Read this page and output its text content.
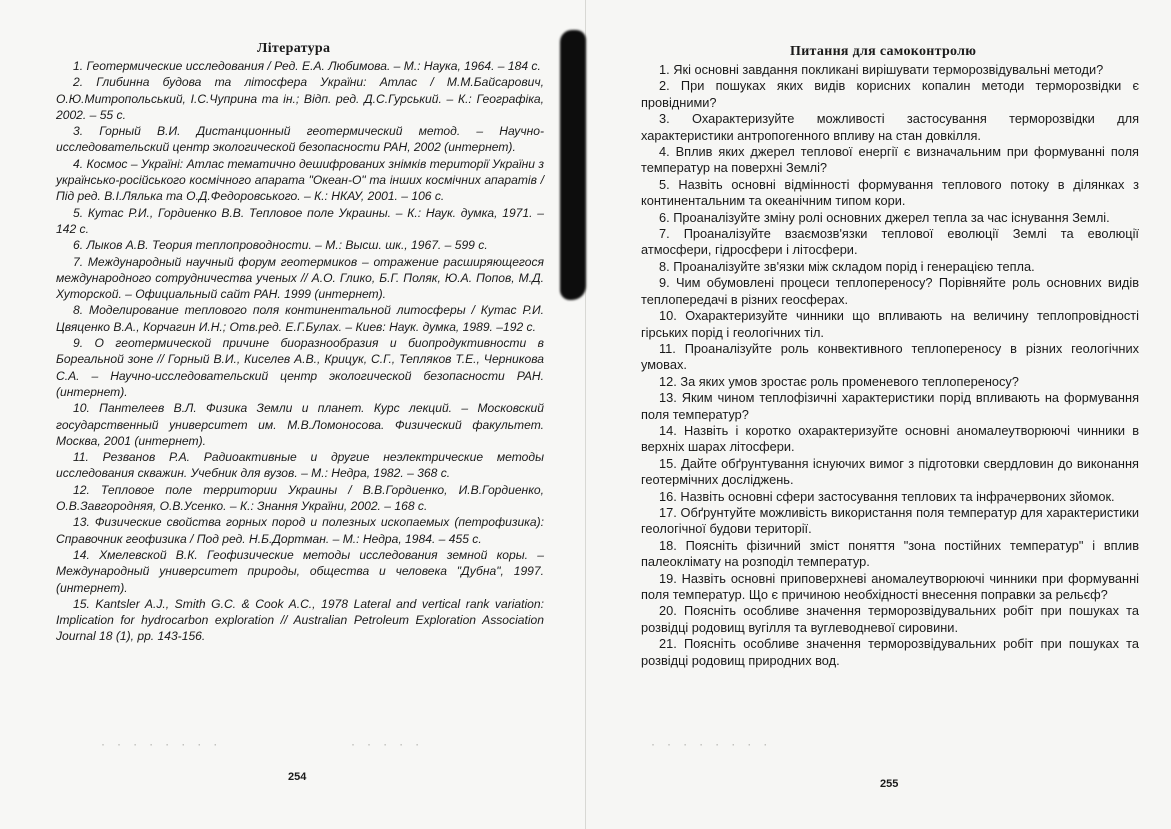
Література

1. Геотермические исследования / Ред. Е.А. Любимова. – М.: Наука, 1964. – 184 с.

2. Глибинна будова та літосфера України: Атлас / М.М.Байсарович, О.Ю.Митропольський, І.С.Чуприна та ін.; Відп. ред. Д.С.Гурський. – К.: Географіка, 2002. – 55 с.

3. Горный В.И. Дистанционный геотермический метод. – Научно-исследовательский центр экологической безопасности РАН, 2002 (интернет).

4. Космос – Україні: Атлас тематично дешифрованих знімків території України з українсько-російського космічного апарата "Океан-О" та інших космічних апаратів / Під ред. В.І.Лялька та О.Д.Федоровського. – К.: НКАУ, 2001. – 106 с.

5. Кутас Р.И., Гордиенко В.В. Тепловое поле Украины. – К.: Наук. думка, 1971. – 142 с.

6. Лыков А.В. Теория теплопроводности. – М.: Высш. шк., 1967. – 599 с.

7. Международный научный форум геотермиков – отражение расширяющегося международного сотрудничества ученых // А.О. Глико, Б.Г. Поляк, Ю.А. Попов, М.Д. Хуторской. – Официальный сайт РАН. 1999 (интернет).

8. Моделирование теплового поля континентальной литосферы / Кутас Р.И. Цвяценко В.А., Корчагин И.Н.; Отв.ред. Е.Г.Булах. – Киев: Наук. думка, 1989. –192 с.

9. О геотермической причине биоразнообразия и биопродуктивности в Бореальной зоне // Горный В.И., Киселев А.В., Крицук, С.Г., Тепляков Т.Е., Черникова С.А. – Научно-исследовательский центр экологической безопасности РАН. (интернет).

10. Пантелеев В.Л. Физика Земли и планет. Курс лекций. – Московский государственный университет им. М.В.Ломоносова. Физический факультет. Москва, 2001 (интернет).

11. Резванов Р.А. Радиоактивные и другие неэлектрические методы исследования скважин. Учебник для вузов. – М.: Недра, 1982. – 368 с.

12. Тепловое поле территории Украины / В.В.Гордиенко, И.В.Гордиенко, О.В.Завгородняя, О.В.Усенко. – К.: Знання України, 2002. – 168 с.

13. Физические свойства горных пород и полезных ископаемых (петрофизика): Справочник геофизика / Под ред. Н.Б.Дортман. – М.: Недра, 1984. – 455 с.

14. Хмелевской В.К. Геофизические методы исследования земной коры. – Международный университет природы, общества и человека "Дубна", 1997. (интернет).

15. Kantsler A.J., Smith G.C. & Cook A.C., 1978 Lateral and vertical rank variation: Implication for hydrocarbon exploration // Australian Petroleum Exploration Association Journal 18 (1), pp. 143-156.

· · · · · · · ·	· · · · ·
254
Питання для самоконтролю

1. Які основні завдання покликані вирішувати терморозвідувальні методи?

2. При пошуках яких видів корисних копалин методи терморозвідки є провідними?

3. Охарактеризуйте можливості застосування терморозвідки для характеристики антропогенного впливу на стан довкілля.

4. Вплив яких джерел теплової енергії є визначальним при формуванні поля температур на поверхні Землі?

5. Назвіть основні відмінності формування теплового потоку в ділянках з континентальним та океанічним типом кори.

6. Проаналізуйте зміну ролі основних джерел тепла за час існування Землі.

7. Проаналізуйте взаємозв'язки теплової еволюції Землі та еволюції атмосфери, гідросфери і літосфери.

8. Проаналізуйте зв'язки між складом порід і генерацією тепла.

9. Чим обумовлені процеси теплопереносу? Порівняйте роль основних видів теплопередачі в різних геосферах.

10. Охарактеризуйте чинники що впливають на величину теплопровідності гірських порід і геологічних тіл.

11. Проаналізуйте роль конвективного теплопереносу в різних геологічних умовах.

12. За яких умов зростає роль променевого теплопереносу?

13. Яким чином теплофізичні характеристики порід впливають на формування поля температур?

14. Назвіть і коротко охарактеризуйте основні аномалеутворюючі чинники в верхніх шарах літосфери.

15. Дайте обґрунтування існуючих вимог з підготовки свердловин до виконання геотермічних досліджень.

16. Назвіть основні сфери застосування теплових та інфрачервоних зйомок.

17. Обґрунтуйте можливість використання поля температур для характеристики геологічної будови території.

18. Поясніть фізичний зміст поняття "зона постійних температур" і вплив палеоклімату на розподіл температур.

19. Назвіть основні приповерхневі аномалеутворюючі чинники при формуванні поля температур. Що є причиною необхідності внесення поправки за рельєф?

20. Поясніть особливе значення терморозвідувальних робіт при пошуках та розвідці родовищ вугілля та вуглеводневої сировини.

21. Поясніть особливе значення терморозвідувальних робіт при пошуках та розвідці родовищ природних вод.

· · · · · · · ·
255
